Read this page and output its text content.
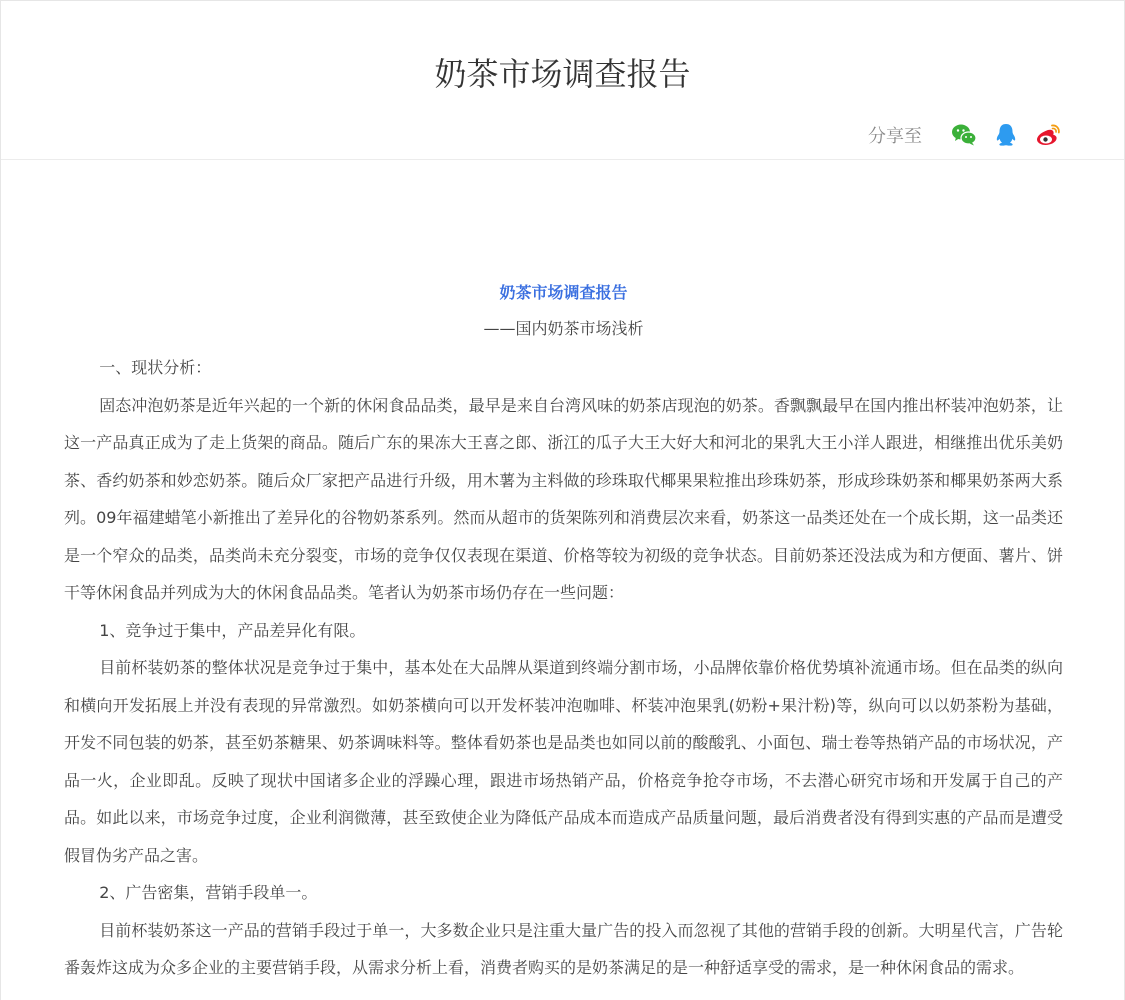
奶茶市场调查报告
分享至

奶茶市场调查报告

——国内奶茶市场浅析

一、现状分析：

固态冲泡奶茶是近年兴起的一个新的休闲食品品类，最早是来自台湾风味的奶茶店现泡的奶茶。香飘飘最早在国内推出杯装冲泡奶茶，让这一产品真正成为了走上货架的商品。随后广东的果冻大王喜之郎、浙江的瓜子大王大好大和河北的果乳大王小洋人跟进，相继推出优乐美奶茶、香约奶茶和妙恋奶茶。随后众厂家把产品进行升级，用木薯为主料做的珍珠取代椰果果粒推出珍珠奶茶，形成珍珠奶茶和椰果奶茶两大系列。09年福建蜡笔小新推出了差异化的谷物奶茶系列。然而从超市的货架陈列和消费层次来看，奶茶这一品类还处在一个成长期，这一品类还是一个窄众的品类，品类尚未充分裂变，市场的竞争仅仅表现在渠道、价格等较为初级的竞争状态。目前奶茶还没法成为和方便面、薯片、饼干等休闲食品并列成为大的休闲食品品类。笔者认为奶茶市场仍存在一些问题：

1、竞争过于集中，产品差异化有限。

目前杯装奶茶的整体状况是竞争过于集中，基本处在大品牌从渠道到终端分割市场，小品牌依靠价格优势填补流通市场。但在品类的纵向和横向开发拓展上并没有表现的异常激烈。如奶茶横向可以开发杯装冲泡咖啡、杯装冲泡果乳(奶粉+果汁粉)等，纵向可以以奶茶粉为基础，开发不同包装的奶茶，甚至奶茶糖果、奶茶调味料等。整体看奶茶也是品类也如同以前的酸酸乳、小面包、瑞士卷等热销产品的市场状况，产品一火，企业即乱。反映了现状中国诸多企业的浮躁心理，跟进市场热销产品，价格竞争抢夺市场，不去潜心研究市场和开发属于自己的产品。如此以来，市场竞争过度，企业利润微薄，甚至致使企业为降低产品成本而造成产品质量问题，最后消费者没有得到实惠的产品而是遭受假冒伪劣产品之害。

2、广告密集，营销手段单一。

目前杯装奶茶这一产品的营销手段过于单一，大多数企业只是注重大量广告的投入而忽视了其他的营销手段的创新。大明星代言，广告轮番轰炸这成为众多企业的主要营销手段，从需求分析上看，消费者购买的是奶茶满足的是一种舒适享受的需求，是一种休闲食品的需求。
